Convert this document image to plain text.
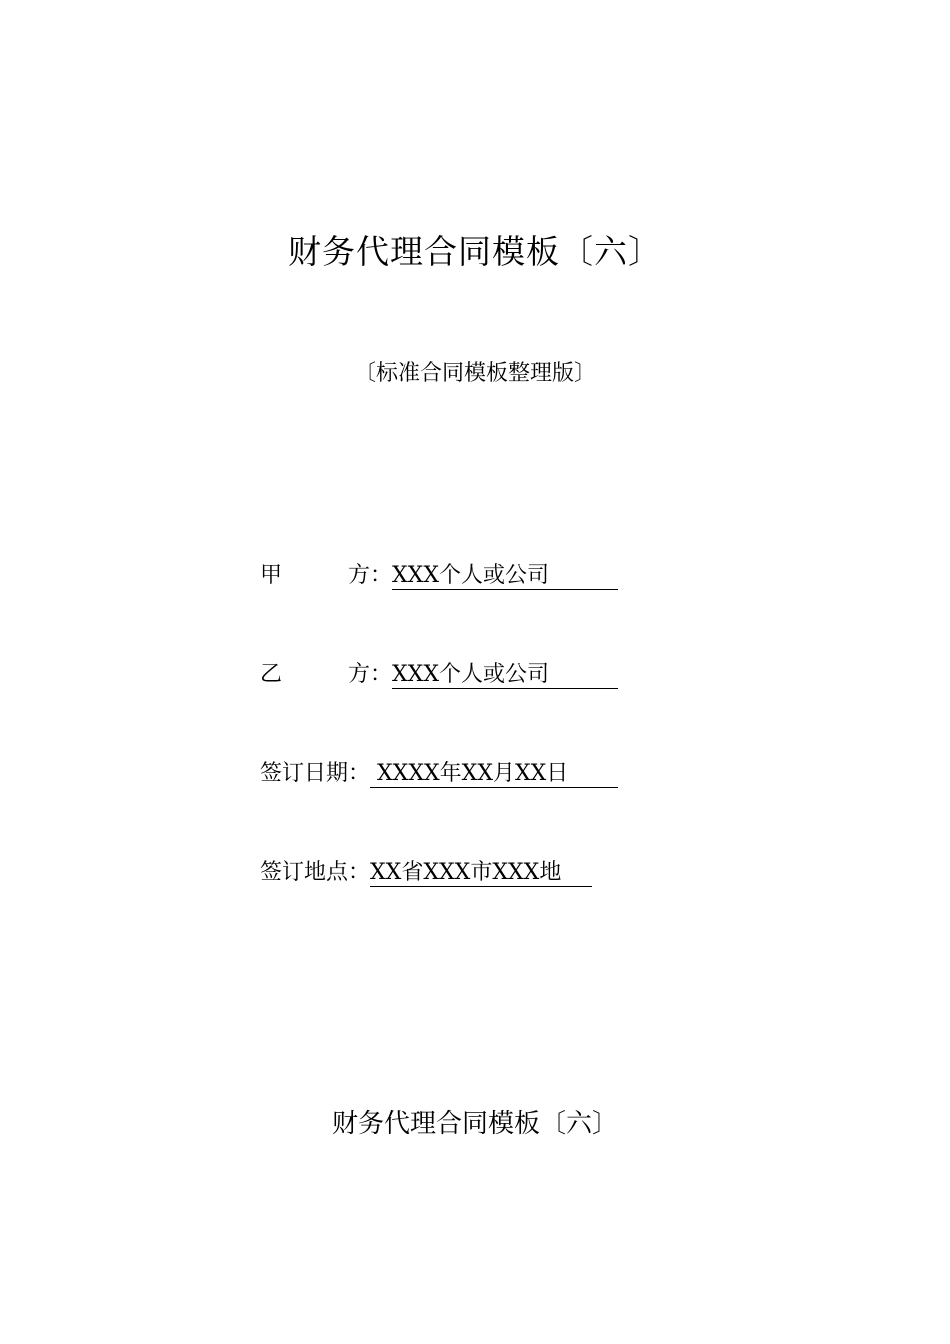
财务代理合同模板〔六〕
〔标准合同模板整理版〕
甲　　　方：XXX个人或公司
乙　　　方：XXX个人或公司
签订日期： XXXX年XX月XX日
签订地点：XX省XXX市XXX地
财务代理合同模板〔六〕
